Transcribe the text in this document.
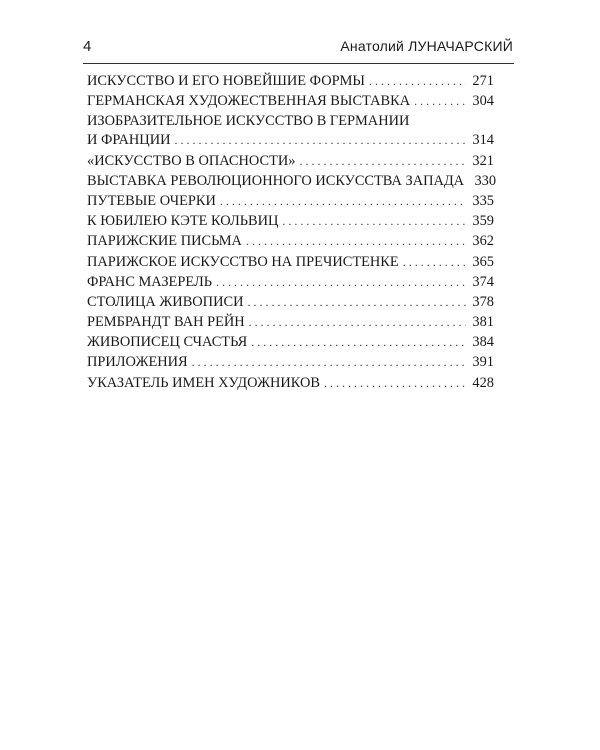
4	Анатолий ЛУНАЧАРСКИЙ
ИСКУССТВО И ЕГО НОВЕЙШИЕ ФОРМЫ . . .	271
ГЕРМАНСКАЯ ХУДОЖЕСТВЕННАЯ ВЫСТАВКА . . .	304
ИЗОБРАЗИТЕЛЬНОЕ ИСКУССТВО В ГЕРМАНИИ
И ФРАНЦИИ . . .	314
«ИСКУССТВО В ОПАСНОСТИ» . . .	321
ВЫСТАВКА РЕВОЛЮЦИОННОГО ИСКУССТВА ЗАПАДА 330
ПУТЕВЫЕ ОЧЕРКИ . . .	335
К ЮБИЛЕЮ КЭТЕ КОЛЬВИЦ . . .	359
ПАРИЖСКИЕ ПИСЬМА . . .	362
ПАРИЖСКОЕ ИСКУССТВО НА ПРЕЧИСТЕНКЕ . . .	365
ФРАНС МАЗЕРЕЛЬ . . .	374
СТОЛИЦА ЖИВОПИСИ . . .	378
РЕМБРАНДТ ВАН РЕЙН . . .	381
ЖИВОПИСЕЦ СЧАСТЬЯ . . .	384
ПРИЛОЖЕНИЯ . . .	391
УКАЗАТЕЛЬ ИМЕН ХУДОЖНИКОВ . . .	428
